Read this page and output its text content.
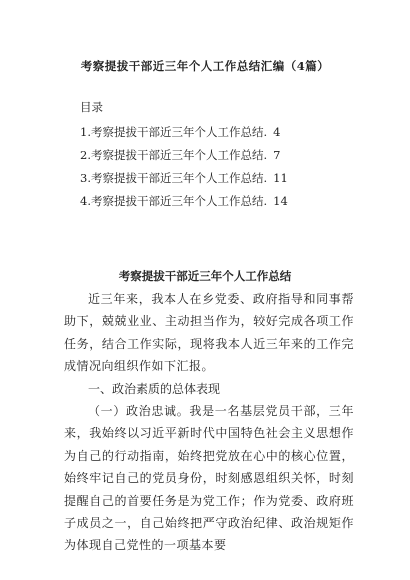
考察提拔干部近三年个人工作总结汇编（4篇）
目录
1.考察提拔干部近三年个人工作总结. 4
2.考察提拔干部近三年个人工作总结. 7
3.考察提拔干部近三年个人工作总结. 11
4.考察提拔干部近三年个人工作总结. 14
考察提拔干部近三年个人工作总结

近三年来，我本人在乡党委、政府指导和同事帮助下，兢兢业业、主动担当作为，较好完成各项工作任务，结合工作实际，现将我本人近三年来的工作完成情况向组织作如下汇报。

一、政治素质的总体表现

（一）政治忠诚。我是一名基层党员干部，三年来，我始终以习近平新时代中国特色社会主义思想作为自己的行动指南，始终把党放在心中的核心位置，始终牢记自己的党员身份，时刻感恩组织关怀，时刻提醒自己的首要任务是为党工作；作为党委、政府班子成员之一，自己始终把严守政治纪律、政治规矩作为体现自己党性的一项基本要
